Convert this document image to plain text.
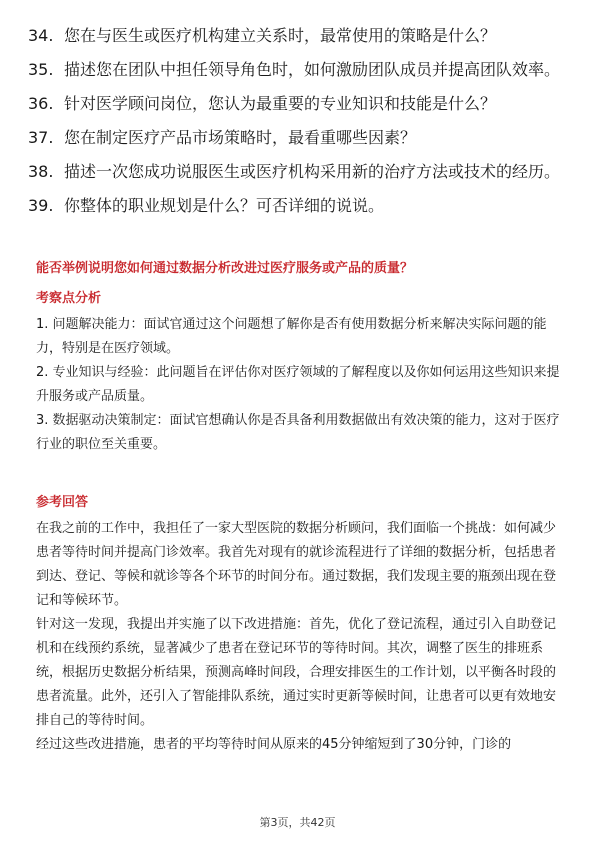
34. 您在与医生或医疗机构建立关系时，最常使用的策略是什么？
35. 描述您在团队中担任领导角色时，如何激励团队成员并提高团队效率。
36. 针对医学顾问岗位，您认为最重要的专业知识和技能是什么？
37. 您在制定医疗产品市场策略时，最看重哪些因素？
38. 描述一次您成功说服医生或医疗机构采用新的治疗方法或技术的经历。
39. 你整体的职业规划是什么？可否详细的说说。
能否举例说明您如何通过数据分析改进过医疗服务或产品的质量？
考察点分析
1. 问题解决能力：面试官通过这个问题想了解你是否有使用数据分析来解决实际问题的能力，特别是在医疗领域。
2. 专业知识与经验：此问题旨在评估你对医疗领域的了解程度以及你如何运用这些知识来提升服务或产品质量。
3. 数据驱动决策制定：面试官想确认你是否具备利用数据做出有效决策的能力，这对于医疗行业的职位至关重要。
参考回答
在我之前的工作中，我担任了一家大型医院的数据分析顾问，我们面临一个挑战：如何减少患者等待时间并提高门诊效率。我首先对现有的就诊流程进行了详细的数据分析，包括患者到达、登记、等候和就诊等各个环节的时间分布。通过数据，我们发现主要的瓶颈出现在登记和等候环节。
针对这一发现，我提出并实施了以下改进措施：首先，优化了登记流程，通过引入自助登记机和在线预约系统，显著减少了患者在登记环节的等待时间。其次，调整了医生的排班系统，根据历史数据分析结果，预测高峰时间段，合理安排医生的工作计划，以平衡各时段的患者流量。此外，还引入了智能排队系统，通过实时更新等候时间，让患者可以更有效地安排自己的等待时间。
经过这些改进措施，患者的平均等待时间从原来的45分钟缩短到了30分钟，门诊的
第3页，共42页
